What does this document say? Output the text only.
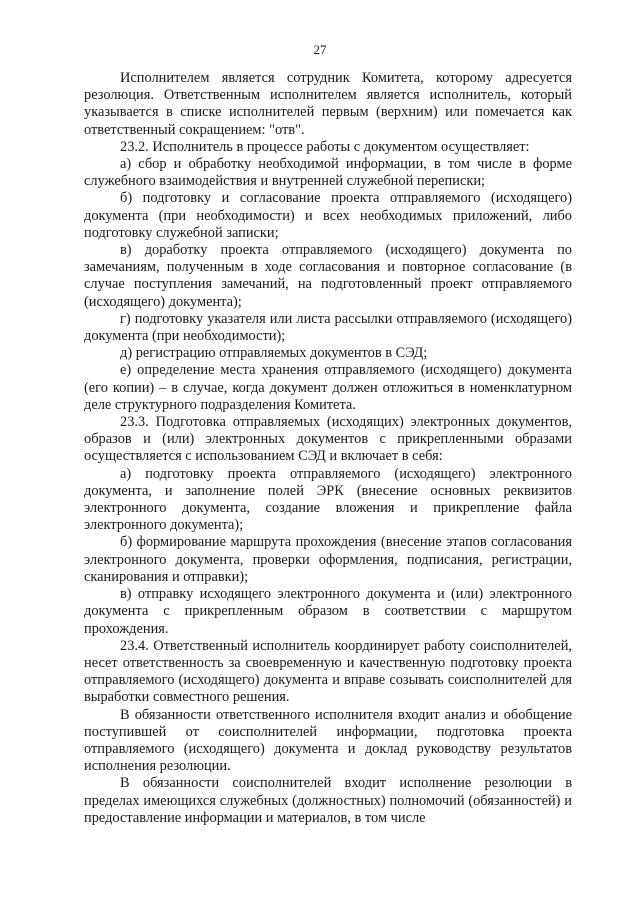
27

Исполнителем является сотрудник Комитета, которому адресуется резолюция. Ответственным исполнителем является исполнитель, который указывается в списке исполнителей первым (верхним) или помечается как ответственный сокращением: "отв".

23.2. Исполнитель в процессе работы с документом осуществляет:

а) сбор и обработку необходимой информации, в том числе в форме служебного взаимодействия и внутренней служебной переписки;

б) подготовку и согласование проекта отправляемого (исходящего) документа (при необходимости) и всех необходимых приложений, либо подготовку служебной записки;

в) доработку проекта отправляемого (исходящего) документа по замечаниям, полученным в ходе согласования и повторное согласование (в случае поступления замечаний, на подготовленный проект отправляемого (исходящего) документа);

г) подготовку указателя или листа рассылки отправляемого (исходящего) документа (при необходимости);

д) регистрацию отправляемых документов в СЭД;

е) определение места хранения отправляемого (исходящего) документа (его копии) – в случае, когда документ должен отложиться в номенклатурном деле структурного подразделения Комитета.

23.3. Подготовка отправляемых (исходящих) электронных документов, образов и (или) электронных документов с прикрепленными образами осуществляется с использованием СЭД и включает в себя:

а) подготовку проекта отправляемого (исходящего) электронного документа, и заполнение полей ЭРК (внесение основных реквизитов электронного документа, создание вложения и прикрепление файла электронного документа);

б) формирование маршрута прохождения (внесение этапов согласования электронного документа, проверки оформления, подписания, регистрации, сканирования и отправки);

в) отправку исходящего электронного документа и (или) электронного документа с прикрепленным образом в соответствии с маршрутом прохождения.

23.4. Ответственный исполнитель координирует работу соисполнителей, несет ответственность за своевременную и качественную подготовку проекта отправляемого (исходящего) документа и вправе созывать соисполнителей для выработки совместного решения.

В обязанности ответственного исполнителя входит анализ и обобщение поступившей от соисполнителей информации, подготовка проекта отправляемого (исходящего) документа и доклад руководству результатов исполнения резолюции.

В обязанности соисполнителей входит исполнение резолюции в пределах имеющихся служебных (должностных) полномочий (обязанностей) и предоставление информации и материалов, в том числе
